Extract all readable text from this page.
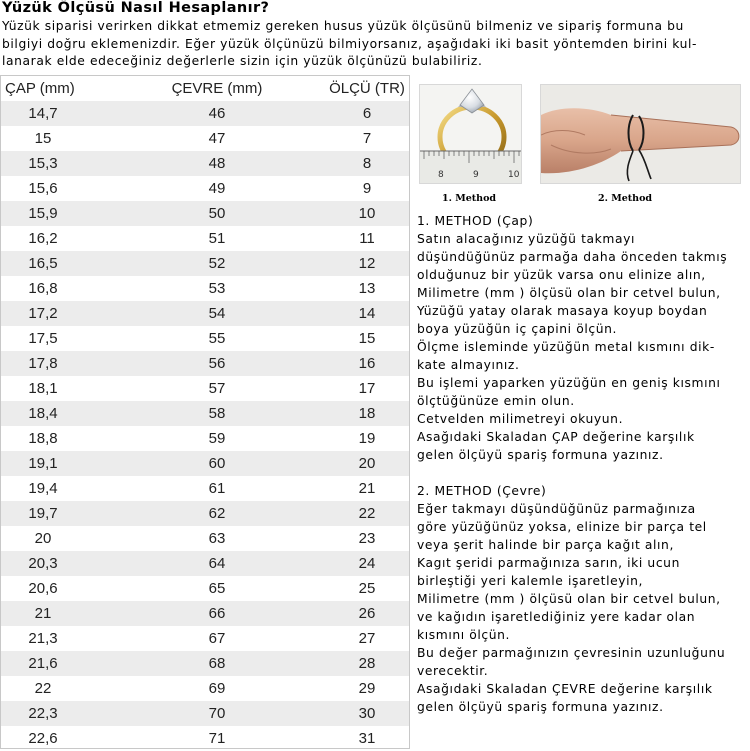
Yüzük Ölçüsü Nasıl Hesaplanır?
Yüzük siparisi verirken dikkat etmemiz gereken husus yüzük ölçüsünü bilmeniz ve sipariş formuna bu
bilgiyi doğru eklemenizdir. Eğer yüzük ölçünüzü bilmiyorsanız, aşağıdaki iki basit yöntemden birini kul-
lanarak elde edeceğiniz değerlerle sizin için yüzük ölçünüzü bulabiliriz.
ÇAP (mm)	ÇEVRE (mm)	ÖLÇÜ (TR)
14,7	46	6
15	47	7
15,3	48	8
15,6	49	9
15,9	50	10
16,2	51	11
16,5	52	12
16,8	53	13
17,2	54	14
17,5	55	15
17,8	56	16
18,1	57	17
18,4	58	18
18,8	59	19
19,1	60	20
19,4	61	21
19,7	62	22
20	63	23
20,3	64	24
20,6	65	25
21	66	26
21,3	67	27
21,6	68	28
22	69	29
22,3	70	30
22,6	71	31
8	9	10
1. Method	2. Method
1. METHOD (Çap)
Satın alacağınız yüzüğü takmayı
düşündüğünüz parmağa daha önceden takmış
olduğunuz bir yüzük varsa onu elinize alın,
Milimetre (mm ) ölçüsü olan bir cetvel bulun,
Yüzüğü yatay olarak masaya koyup boydan
boya yüzüğün iç çapini ölçün.
Ölçme isleminde yüzüğün metal kısmını dik-
kate almayınız.
Bu işlemi yaparken yüzüğün en geniş kısmını
ölçtüğünüze emin olun.
Cetvelden milimetreyi okuyun.
Asağıdaki Skaladan ÇAP değerine karşılık
gelen ölçüyü spariş formuna yazınız.
2. METHOD (Çevre)
Eğer takmayı düşündüğünüz parmağınıza
göre yüzüğünüz yoksa, elinize bir parça tel
veya şerit halinde bir parça kağıt alın,
Kagıt şeridi parmağınıza sarın, iki ucun
birleştiği yeri kalemle işaretleyin,
Milimetre (mm ) ölçüsü olan bir cetvel bulun,
ve kağıdın işaretlediğiniz yere kadar olan
kısmını ölçün.
Bu değer parmağınızın çevresinin uzunluğunu
verecektir.
Asağıdaki Skaladan ÇEVRE değerine karşılık
gelen ölçüyü spariş formuna yazınız.
